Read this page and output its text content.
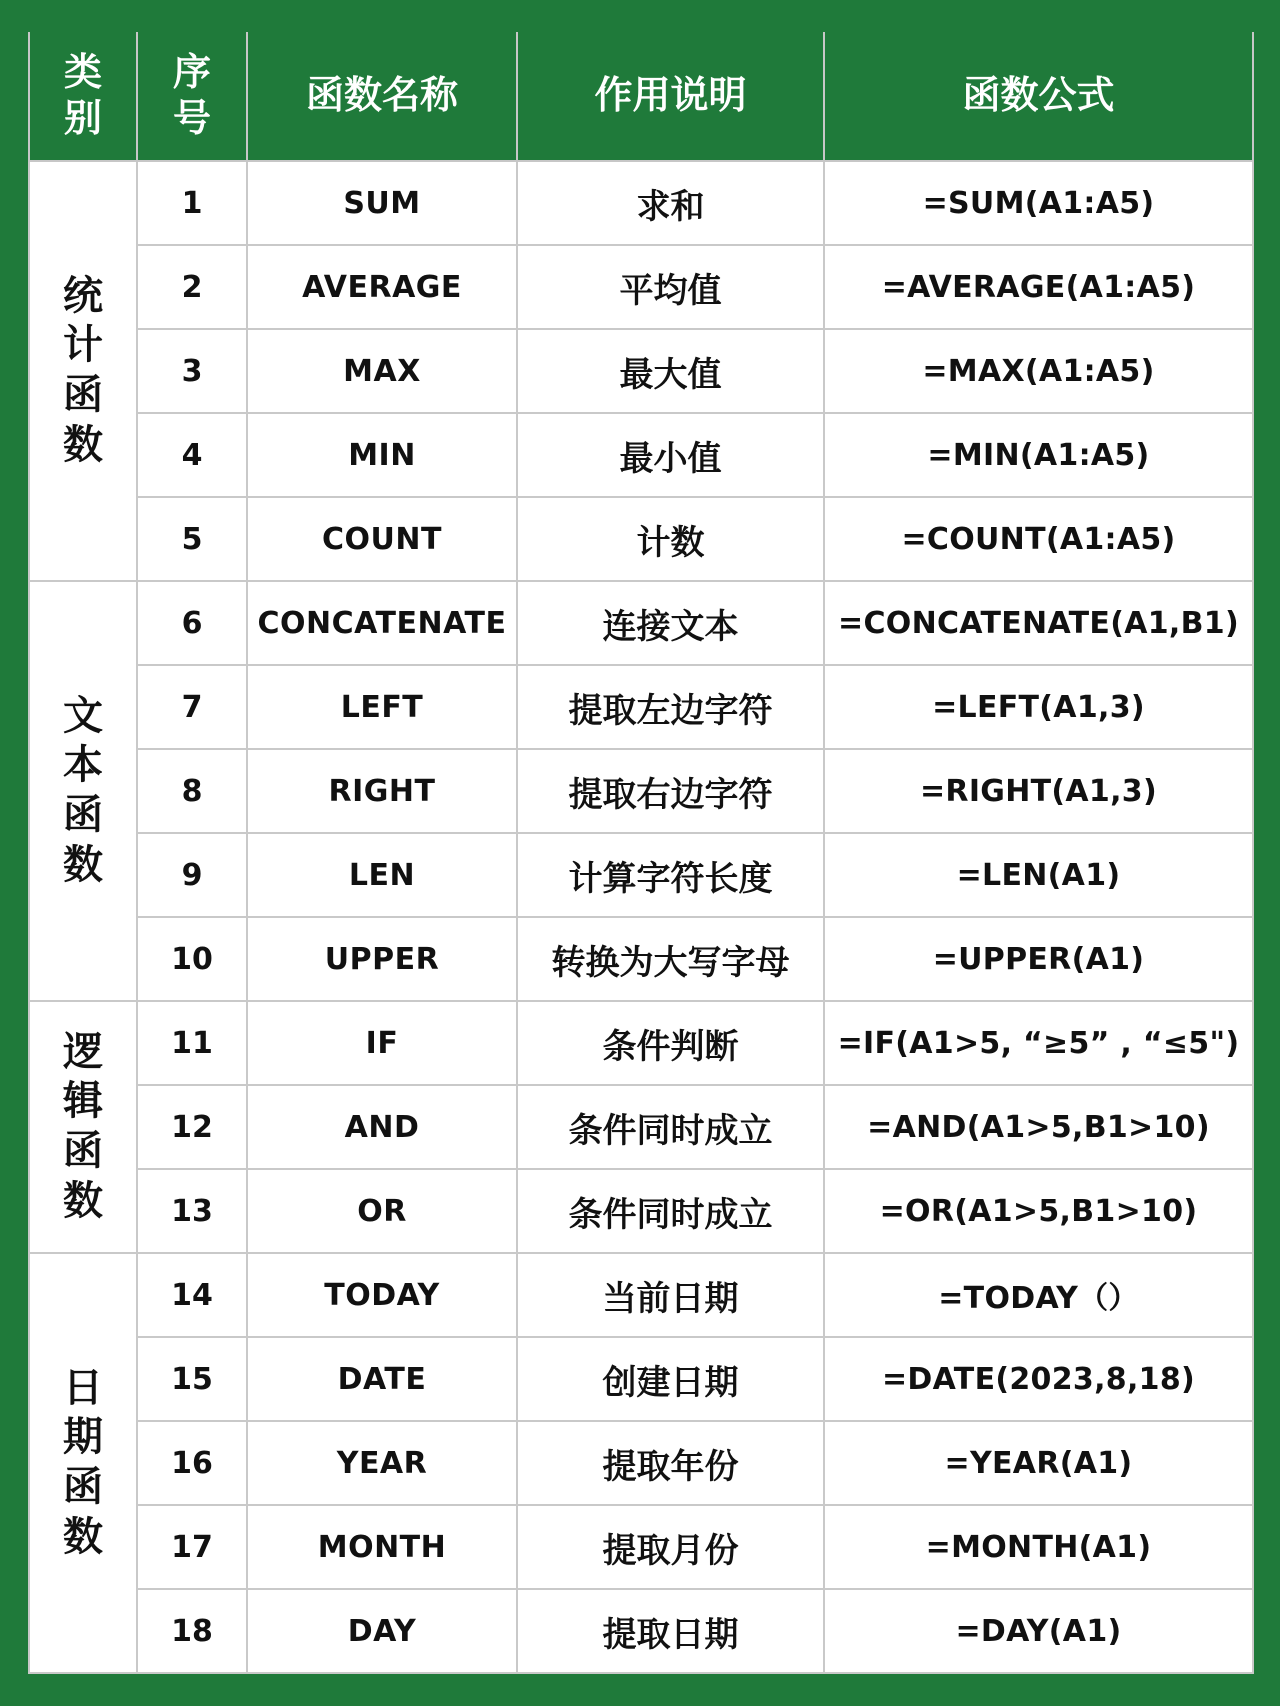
类别	序号	函数名称	作用说明	函数公式
统计函数	1	SUM	求和	=SUM(A1:A5)
	2	AVERAGE	平均值	=AVERAGE(A1:A5)
	3	MAX	最大值	=MAX(A1:A5)
	4	MIN	最小值	=MIN(A1:A5)
	5	COUNT	计数	=COUNT(A1:A5)
文本函数	6	CONCATENATE	连接文本	=CONCATENATE(A1,B1)
	7	LEFT	提取左边字符	=LEFT(A1,3)
	8	RIGHT	提取右边字符	=RIGHT(A1,3)
	9	LEN	计算字符长度	=LEN(A1)
	10	UPPER	转换为大写字母	=UPPER(A1)
逻辑函数	11	IF	条件判断	=IF(A1>5, “≥5” , “≤5")
	12	AND	条件同时成立	=AND(A1>5,B1>10)
	13	OR	条件同时成立	=OR(A1>5,B1>10)
日期函数	14	TODAY	当前日期	=TODAY（）
	15	DATE	创建日期	=DATE(2023,8,18)
	16	YEAR	提取年份	=YEAR(A1)
	17	MONTH	提取月份	=MONTH(A1)
	18	DAY	提取日期	=DAY(A1)
